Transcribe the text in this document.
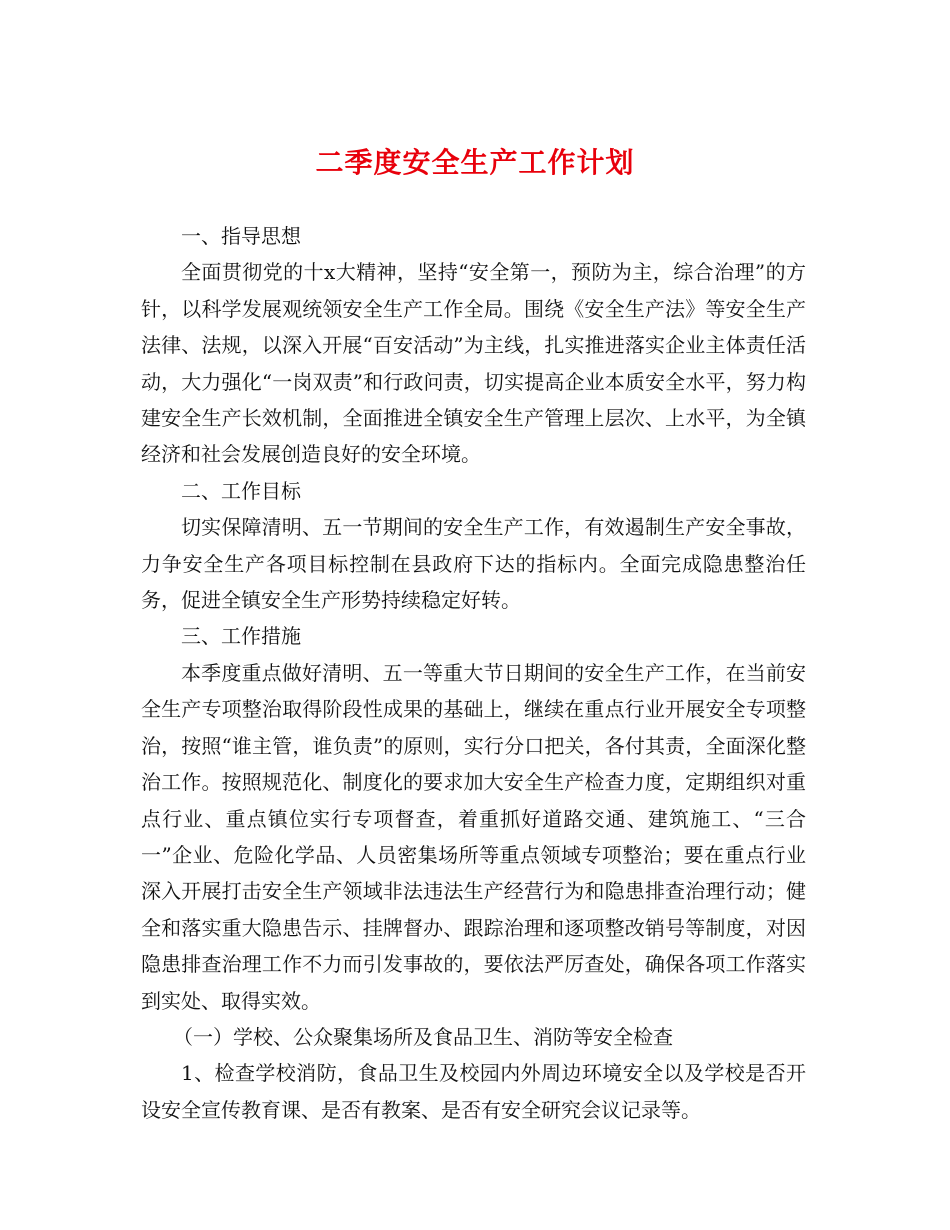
二季度安全生产工作计划

一、指导思想

全面贯彻党的十x大精神，坚持“安全第一，预防为主，综合治理”的方针，以科学发展观统领安全生产工作全局。围绕《安全生产法》等安全生产法律、法规，以深入开展“百安活动”为主线，扎实推进落实企业主体责任活动，大力强化“一岗双责”和行政问责，切实提高企业本质安全水平，努力构建安全生产长效机制，全面推进全镇安全生产管理上层次、上水平，为全镇经济和社会发展创造良好的安全环境。

二、工作目标

切实保障清明、五一节期间的安全生产工作，有效遏制生产安全事故，力争安全生产各项目标控制在县政府下达的指标内。全面完成隐患整治任务，促进全镇安全生产形势持续稳定好转。

三、工作措施

本季度重点做好清明、五一等重大节日期间的安全生产工作，在当前安全生产专项整治取得阶段性成果的基础上，继续在重点行业开展安全专项整治，按照“谁主管，谁负责”的原则，实行分口把关，各付其责，全面深化整治工作。按照规范化、制度化的要求加大安全生产检查力度，定期组织对重点行业、重点镇位实行专项督查，着重抓好道路交通、建筑施工、“三合一”企业、危险化学品、人员密集场所等重点领域专项整治；要在重点行业深入开展打击安全生产领域非法违法生产经营行为和隐患排查治理行动；健全和落实重大隐患告示、挂牌督办、跟踪治理和逐项整改销号等制度，对因隐患排查治理工作不力而引发事故的，要依法严厉查处，确保各项工作落实到实处、取得实效。

（一）学校、公众聚集场所及食品卫生、消防等安全检查

1、检查学校消防，食品卫生及校园内外周边环境安全以及学校是否开设安全宣传教育课、是否有教案、是否有安全研究会议记录等。
